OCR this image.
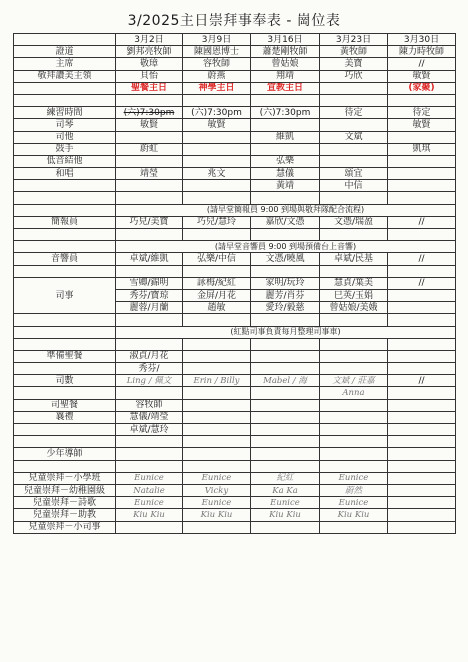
3/2025主日崇拜事奉表 - 崗位表
	3月2日	3月9日	3月16日	3月23日	3月30日
證道	劉邦亮牧師	陳國恩博士	蕭楚剛牧師	黃牧師	陳力時牧師
主席	敬璋	容牧師	曾姑娘	美寶	//
敬拜讚美主領	貝怡	蔚燕	翔靖	巧欣	敏賢
	聖餐主日	神學主日	宣教主日		(家聚)

練習時間	(六)7:30pm	(六)7:30pm	(六)7:30pm	待定	待定
司琴	敏賢	敏賢			敏賢
司他			維凱	文斌	
鼓手	蔚虹				凱琪
低音結他			弘樂		
和唱	靖瑩	兆文	慧儀	頌宜	
			黃靖	中信	

	(請早堂簡報員 9:00 到場與敬拜隊配合流程)				
簡報員	巧兒/美寶	巧兒/慧玲	嘉欣/文憑	文憑/瑞盈	//

	(請早堂音響員 9:00 到場預備台上音響)				
音響員	卓斌/維凱	弘樂/中信	文憑/曉風	卓斌/民基	//

司事	雪卿/錦明	詠梅/紀紅	家明/玩玲	慧貞/葉美	//
	秀芬/寶琼	金屏/月花	麗芳/肖芬	巳英/玉娟	
	麗蓉/月蘭	趙敏	愛玲/毅慈	曾姑娘/美娥	

	(紅點司事負責每月整理司事車)				

準備聖餐	淑貞/月花				
	秀芬/				
司數	Ling / 佩文	Erin / Billy	Mabel / 海	文斌 / 莊嘉	//
				Anna	
司聖餐	容牧師				
襄禮	慧儀/靖瑩				
	卓斌/慧玲				

少年導師					

兒童崇拜－小學班	Eunice	Eunice	紀紅	Eunice	
兒童崇拜－幼稚園級	Natalie	Vicky	Ka Ka	蔚然	
兒童崇拜－詩歌	Eunice	Eunice	Eunice	Eunice	
兒童崇拜－助教	Kiu Kiu	Kiu Kiu	Kiu Kiu	Kiu Kiu	
兒童崇拜－小司事					
